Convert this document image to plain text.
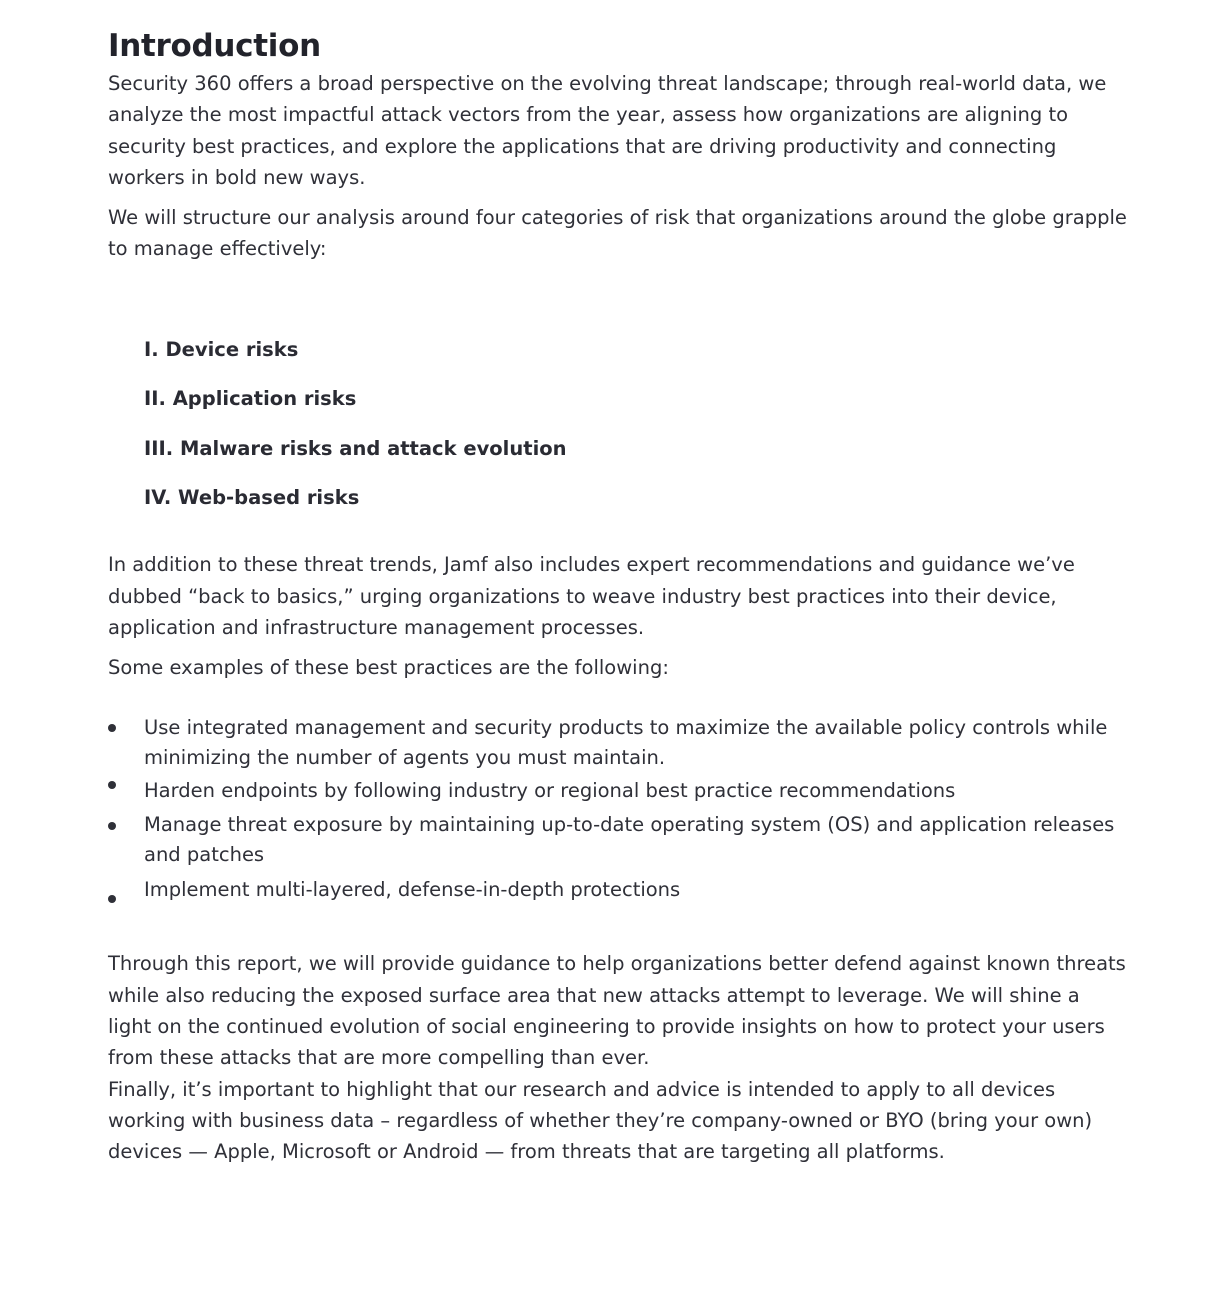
Introduction

Security 360 offers a broad perspective on the evolving threat landscape; through real-world data, we analyze the most impactful attack vectors from the year, assess how organizations are aligning to security best practices, and explore the applications that are driving productivity and connecting workers in bold new ways.

We will structure our analysis around four categories of risk that organizations around the globe grapple to manage effectively:

I. Device risks
II. Application risks
III. Malware risks and attack evolution
IV. Web-based risks

In addition to these threat trends, Jamf also includes expert recommendations and guidance we’ve dubbed “back to basics,” urging organizations to weave industry best practices into their device, application and infrastructure management processes.

Some examples of these best practices are the following:

Use integrated management and security products to maximize the available policy controls while minimizing the number of agents you must maintain.
Harden endpoints by following industry or regional best practice recommendations
Manage threat exposure by maintaining up-to-date operating system (OS) and application releases and patches
Implement multi-layered, defense-in-depth protections

Through this report, we will provide guidance to help organizations better defend against known threats while also reducing the exposed surface area that new attacks attempt to leverage. We will shine a light on the continued evolution of social engineering to provide insights on how to protect your users from these attacks that are more compelling than ever.

Finally, it’s important to highlight that our research and advice is intended to apply to all devices working with business data – regardless of whether they’re company-owned or BYO (bring your own) devices — Apple, Microsoft or Android — from threats that are targeting all platforms.
